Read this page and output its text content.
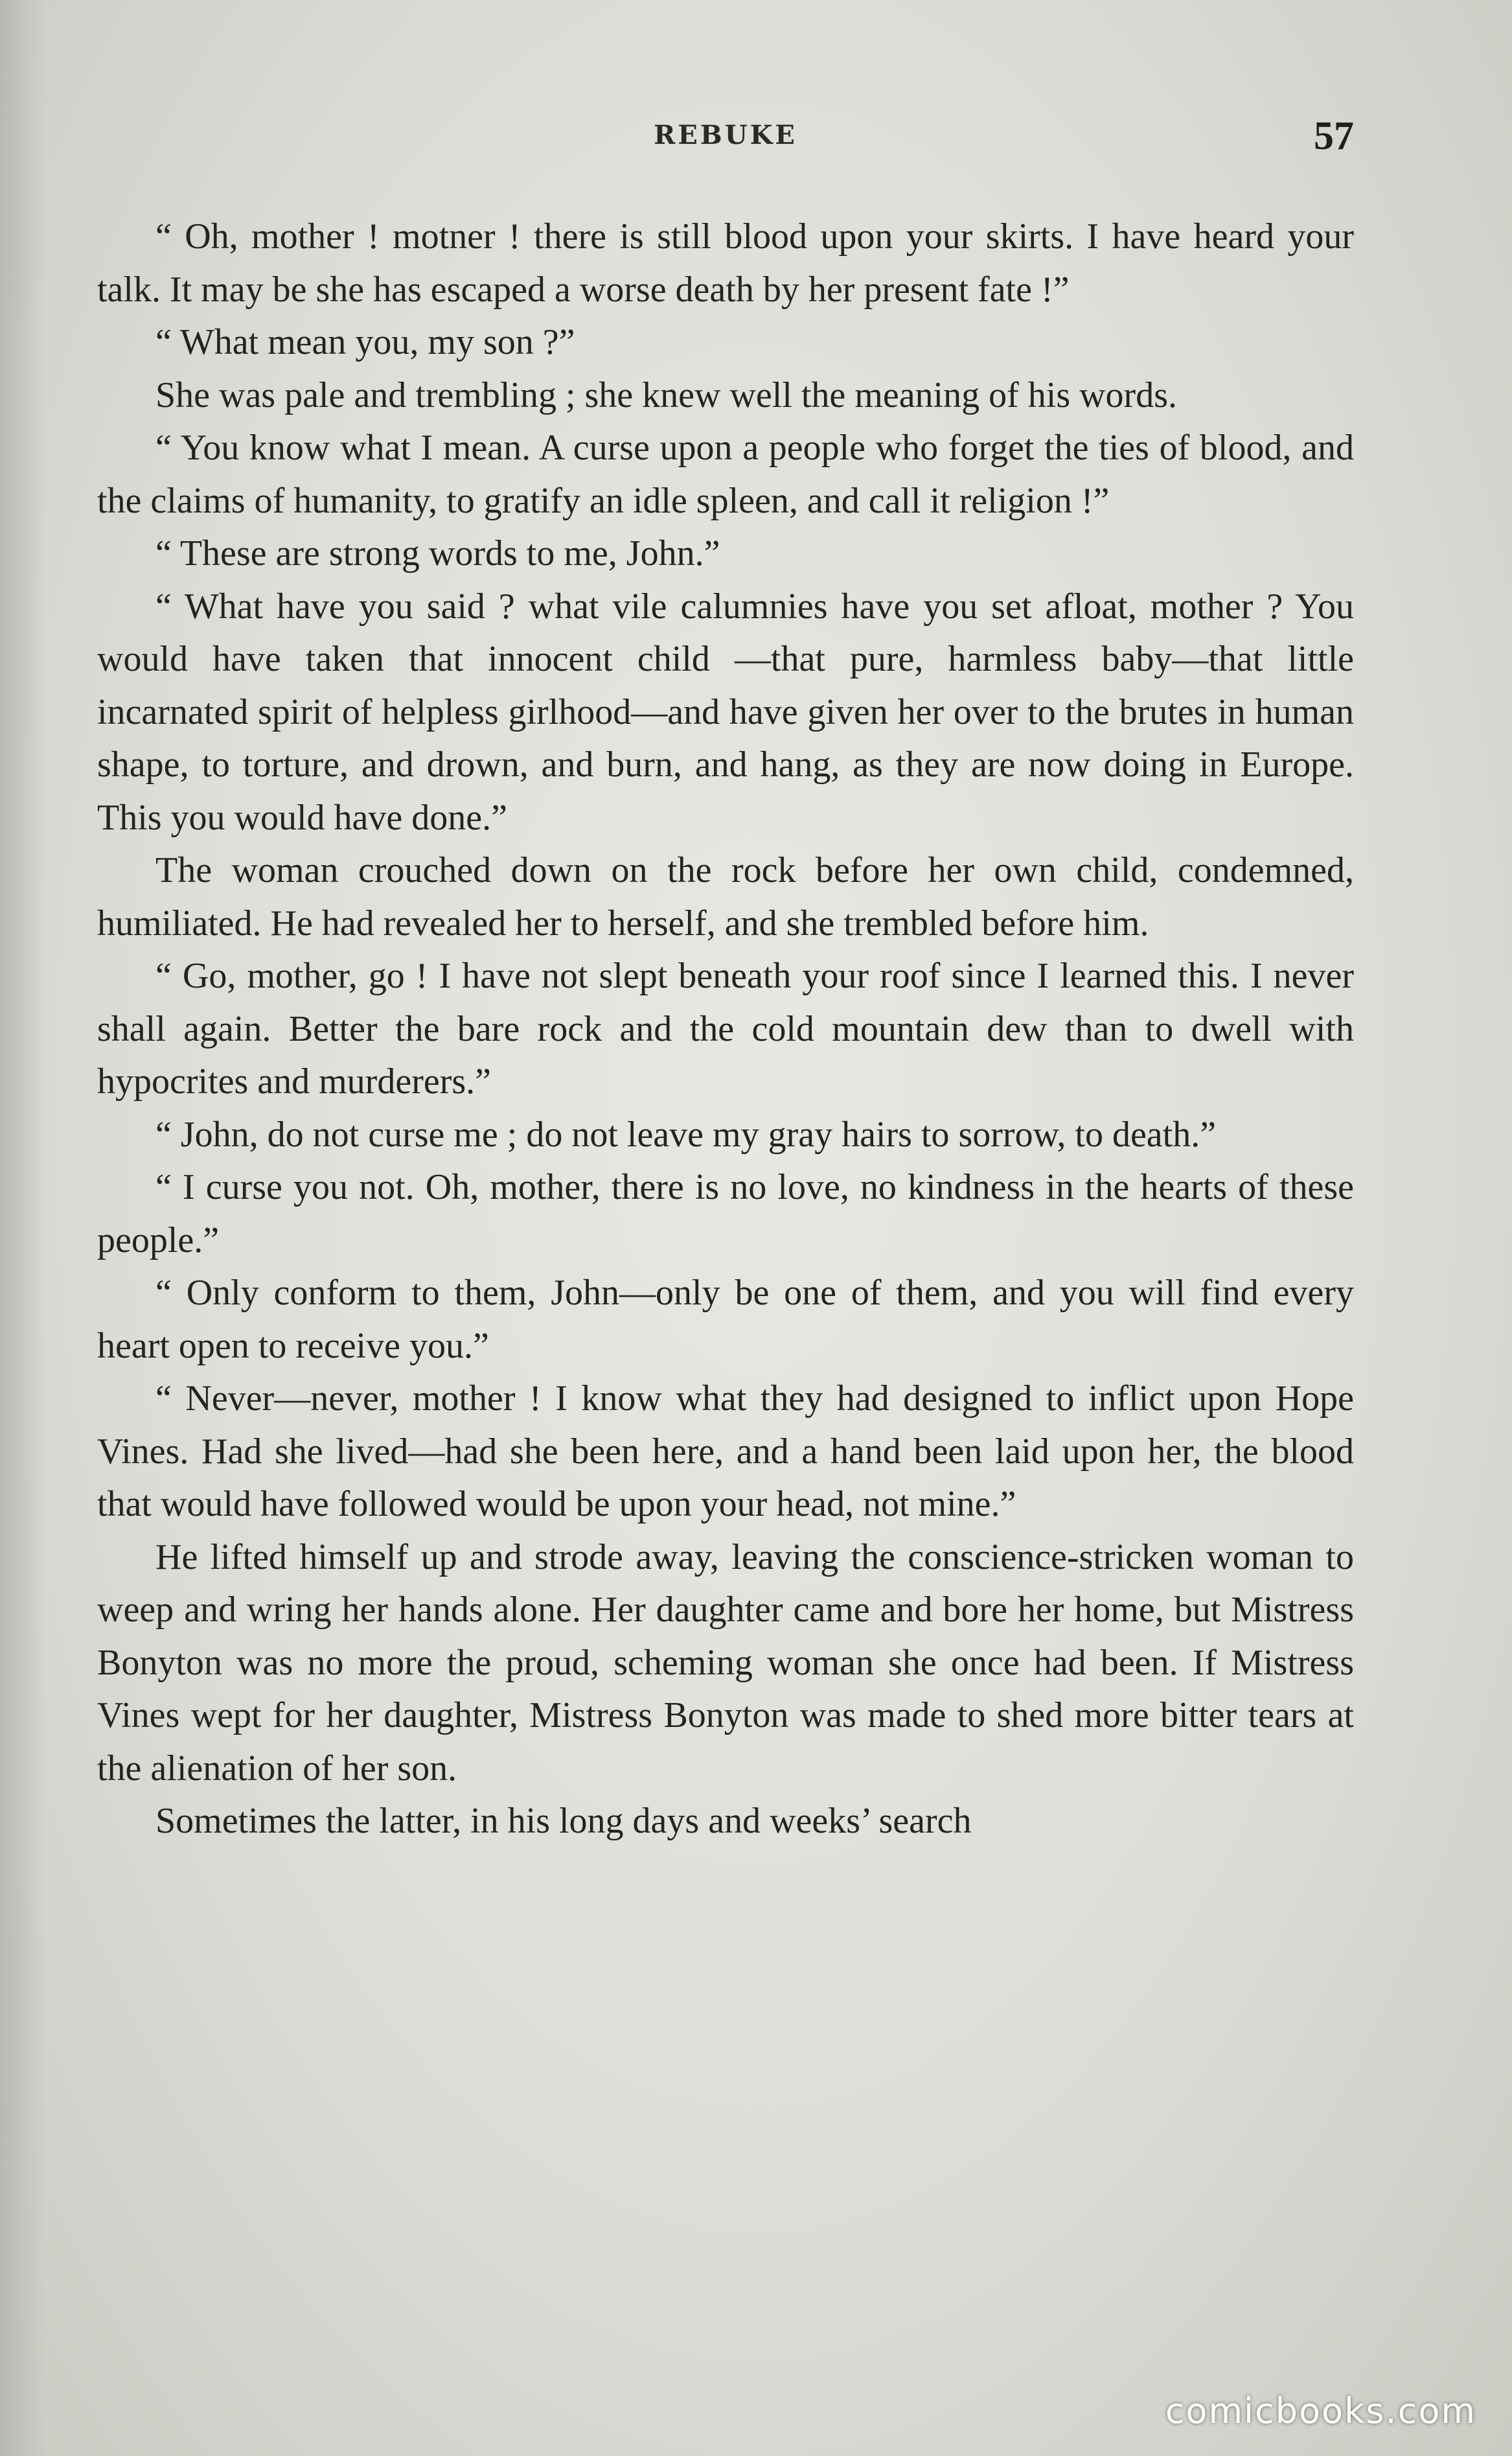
REBUKE	57

“ Oh, mother ! motner ! there is still blood upon your skirts. I have heard your talk. It may be she has escaped a worse death by her present fate !”

“ What mean you, my son ?”

She was pale and trembling ; she knew well the meaning of his words.

“ You know what I mean. A curse upon a people who forget the ties of blood, and the claims of humanity, to gratify an idle spleen, and call it religion !”

“ These are strong words to me, John.”

“ What have you said ? what vile calumnies have you set afloat, mother ? You would have taken that innocent child —that pure, harmless baby—that little incarnated spirit of helpless girlhood—and have given her over to the brutes in human shape, to torture, and drown, and burn, and hang, as they are now doing in Europe. This you would have done.”

The woman crouched down on the rock before her own child, condemned, humiliated. He had revealed her to herself, and she trembled before him.

“ Go, mother, go ! I have not slept beneath your roof since I learned this. I never shall again. Better the bare rock and the cold mountain dew than to dwell with hypocrites and murderers.”

“ John, do not curse me ; do not leave my gray hairs to sorrow, to death.”

“ I curse you not. Oh, mother, there is no love, no kindness in the hearts of these people.”

“ Only conform to them, John—only be one of them, and you will find every heart open to receive you.”

“ Never—never, mother ! I know what they had designed to inflict upon Hope Vines. Had she lived—had she been here, and a hand been laid upon her, the blood that would have followed would be upon your head, not mine.”

He lifted himself up and strode away, leaving the conscience-stricken woman to weep and wring her hands alone. Her daughter came and bore her home, but Mistress Bonyton was no more the proud, scheming woman she once had been. If Mistress Vines wept for her daughter, Mistress Bonyton was made to shed more bitter tears at the alienation of her son.

Sometimes the latter, in his long days and weeks’ search

comicbooks.com
